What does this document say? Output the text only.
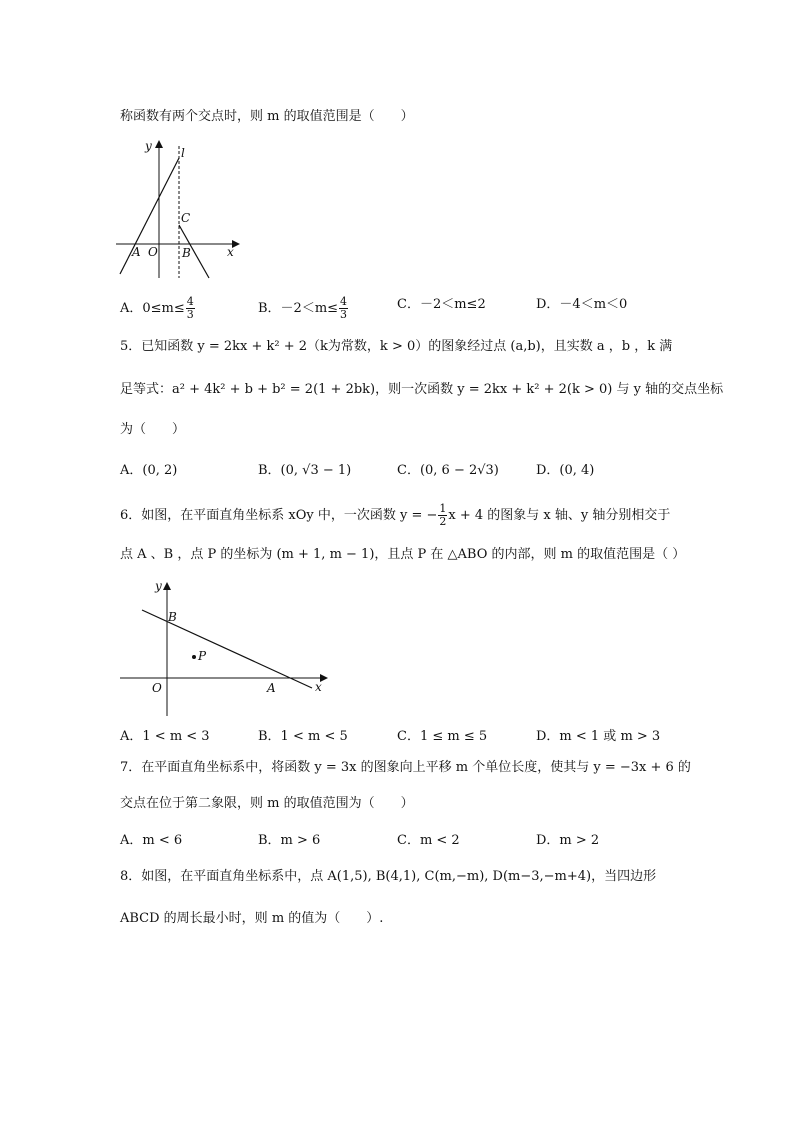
称函数有两个交点时，则 m 的取值范围是（　　）
y
x
l
C
A O B
A．$0\le m\le \frac{4}{3}$	B．$-2<m\le \frac{4}{3}$	C．－2＜m≤2	D．－4＜m＜0
5．已知函数 y = 2kx + k² + 2（k为常数，k > 0）的图象经过点 (a,b)，且实数 a ，b ，k 满
足等式：a² + 4k² + b + b² = 2(1 + 2bk)，则一次函数 y = 2kx + k² + 2(k > 0) 与 y 轴的交点坐标
为（　　）
A．(0, 2)	B．(0, √3 − 1)	C．(0, 6 − 2√3)	D．(0, 4)
6．如图，在平面直角坐标系 xOy 中，一次函数 y = − $\frac{1}{2}$ x + 4 的图象与 x 轴、y 轴分别相交于
点 A 、B ，点 P 的坐标为 (m + 1, m − 1)，且点 P 在 △ABO 的内部，则 m 的取值范围是（ ）
y
x
B
P
O	A
A．1 < m < 3	B．1 < m < 5	C．1 ≤ m ≤ 5	D．m < 1 或 m > 3
7．在平面直角坐标系中，将函数 y = 3x 的图象向上平移 m 个单位长度，使其与 y = −3x + 6 的
交点在位于第二象限，则 m 的取值范围为（　　）
A．m < 6	B．m > 6	C．m < 2	D．m > 2
8．如图，在平面直角坐标系中，点 A(1,5), B(4,1), C(m,−m), D(m−3,−m+4)，当四边形
ABCD 的周长最小时，则 m 的值为（　　）.
